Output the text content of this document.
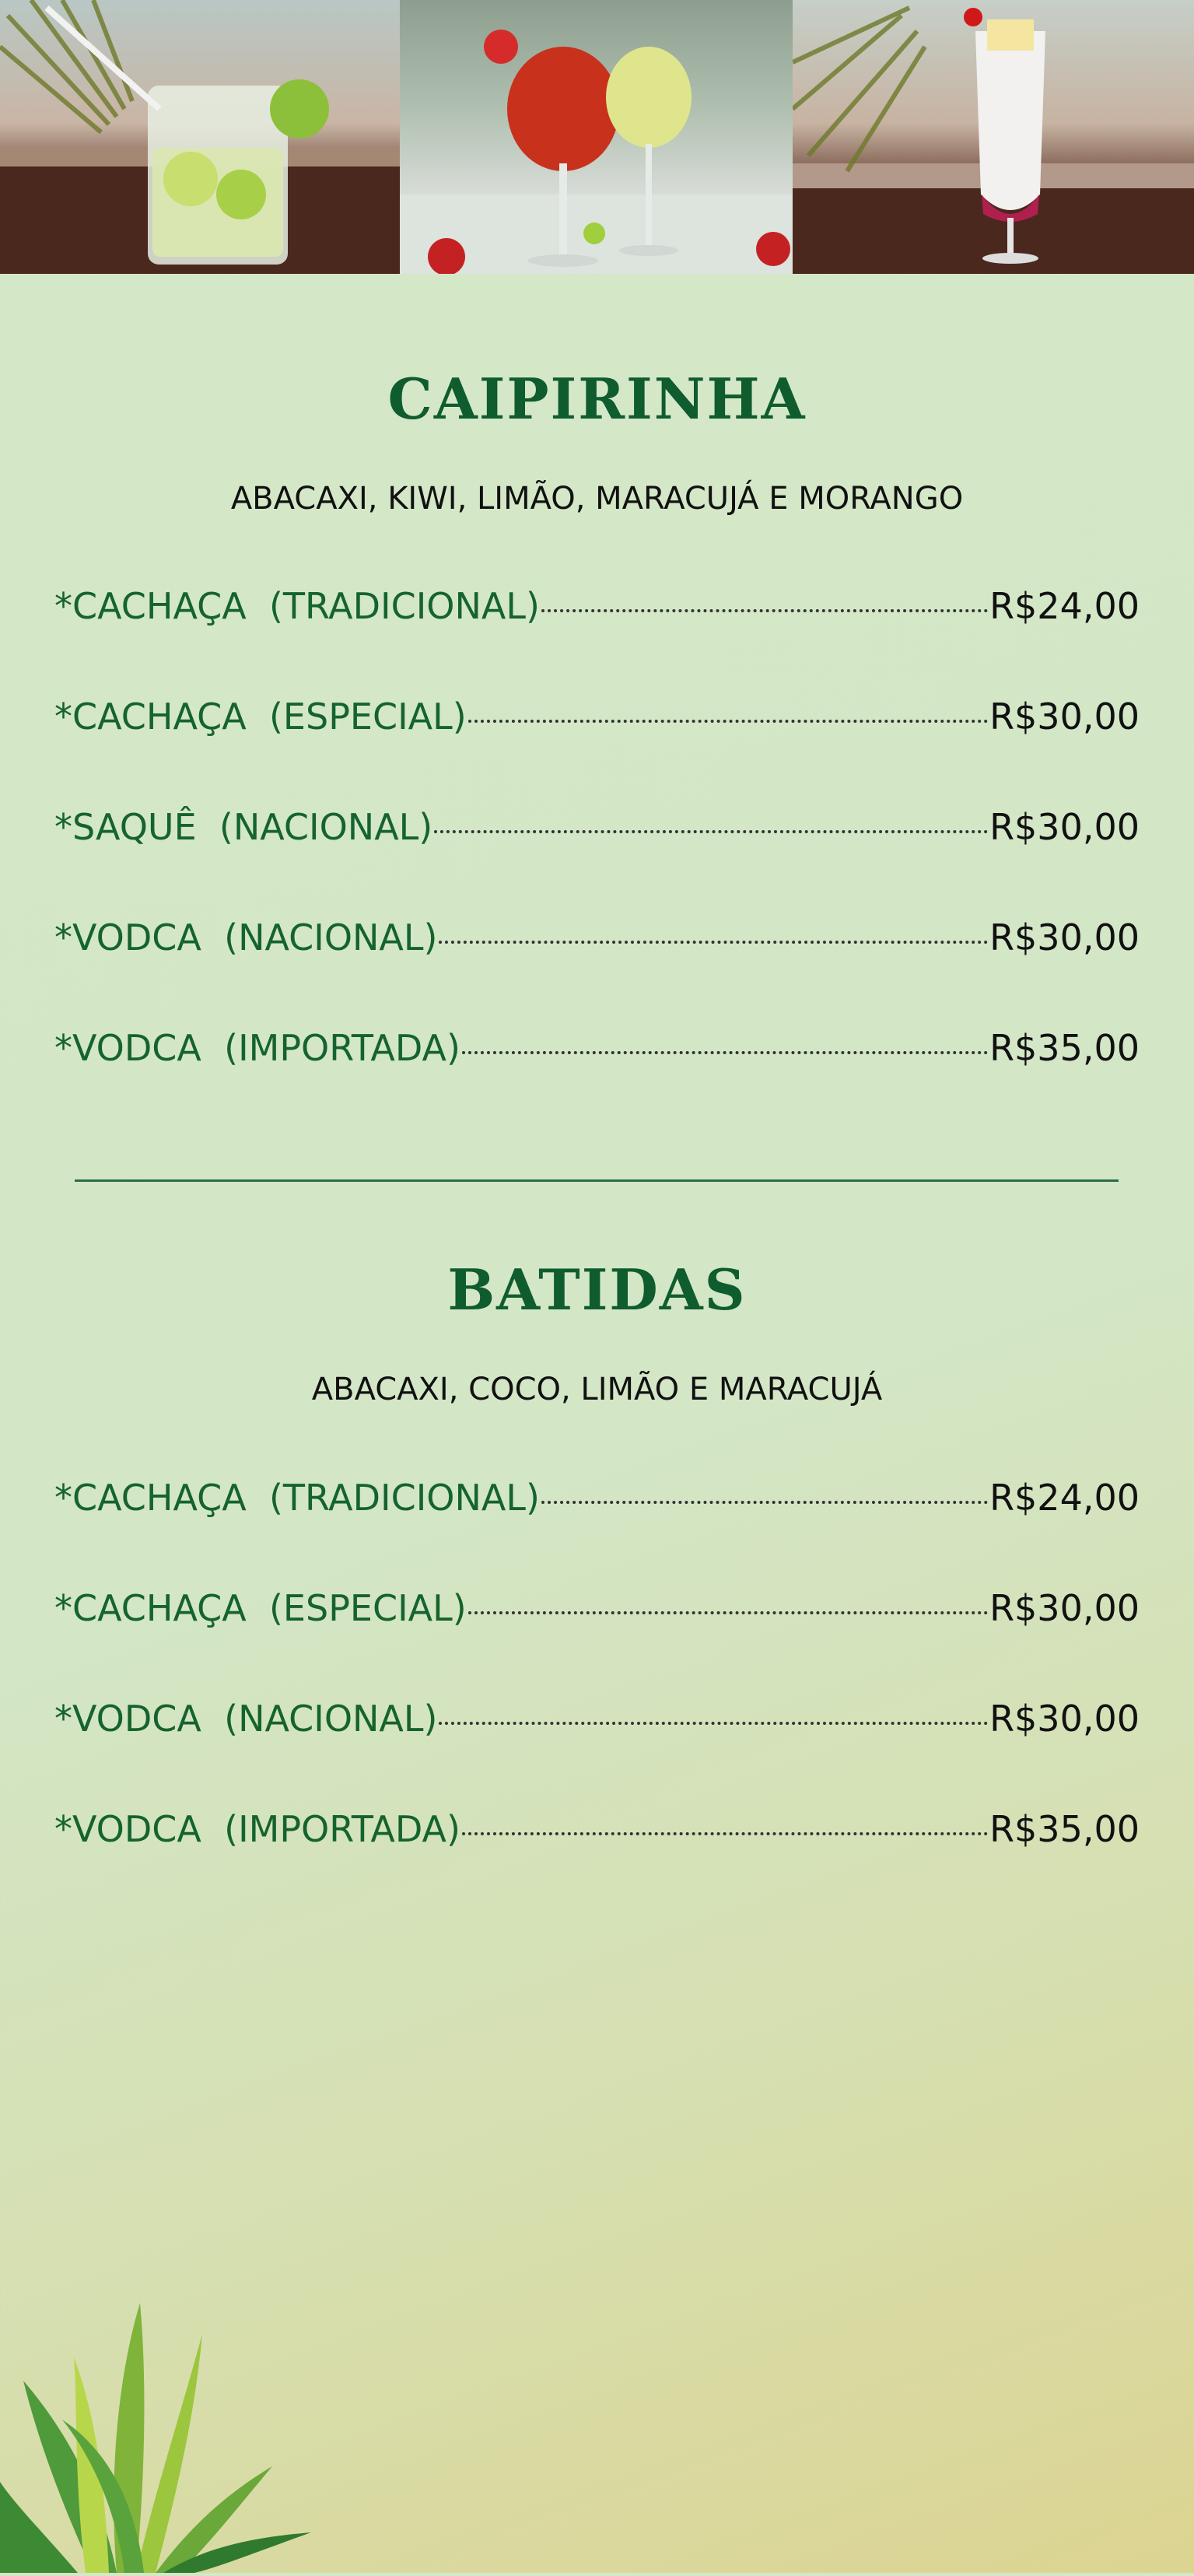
CAIPIRINHA

ABACAXI, KIWI, LIMÃO, MARACUJÁ E MORANGO

*CACHAÇA  (TRADICIONAL)	R$24,00
*CACHAÇA  (ESPECIAL)	R$30,00
*SAQUÊ  (NACIONAL)	R$30,00
*VODCA  (NACIONAL)	R$30,00
*VODCA  (IMPORTADA)	R$35,00
BATIDAS

ABACAXI, COCO, LIMÃO E MARACUJÁ

*CACHAÇA  (TRADICIONAL)	R$24,00
*CACHAÇA  (ESPECIAL)	R$30,00
*VODCA  (NACIONAL)	R$30,00
*VODCA  (IMPORTADA)	R$35,00
